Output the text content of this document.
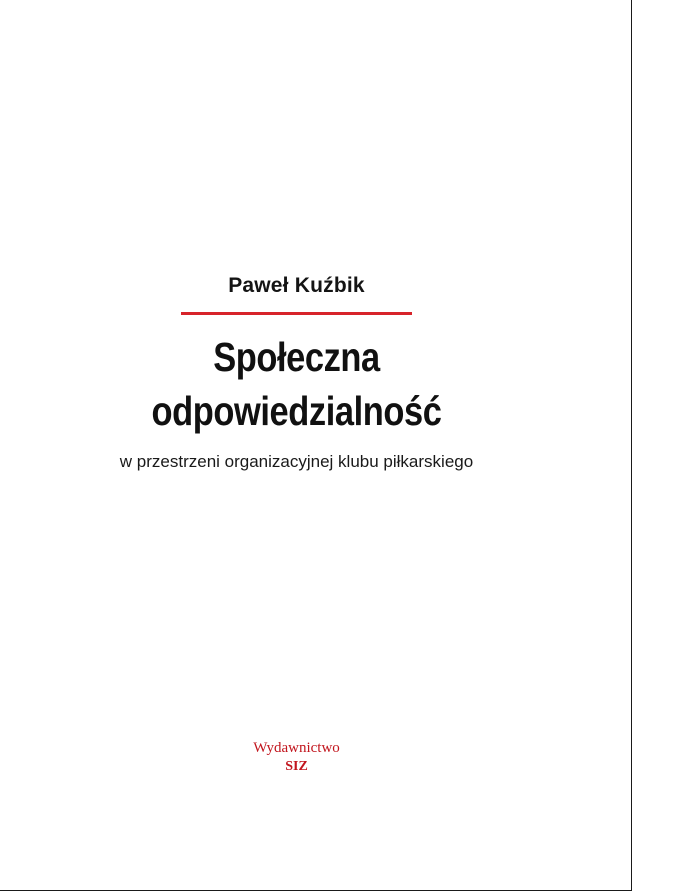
Paweł Kuźbik
Społeczna
odpowiedzialność
w przestrzeni organizacyjnej klubu piłkarskiego
Wydawnictwo
SIZ
